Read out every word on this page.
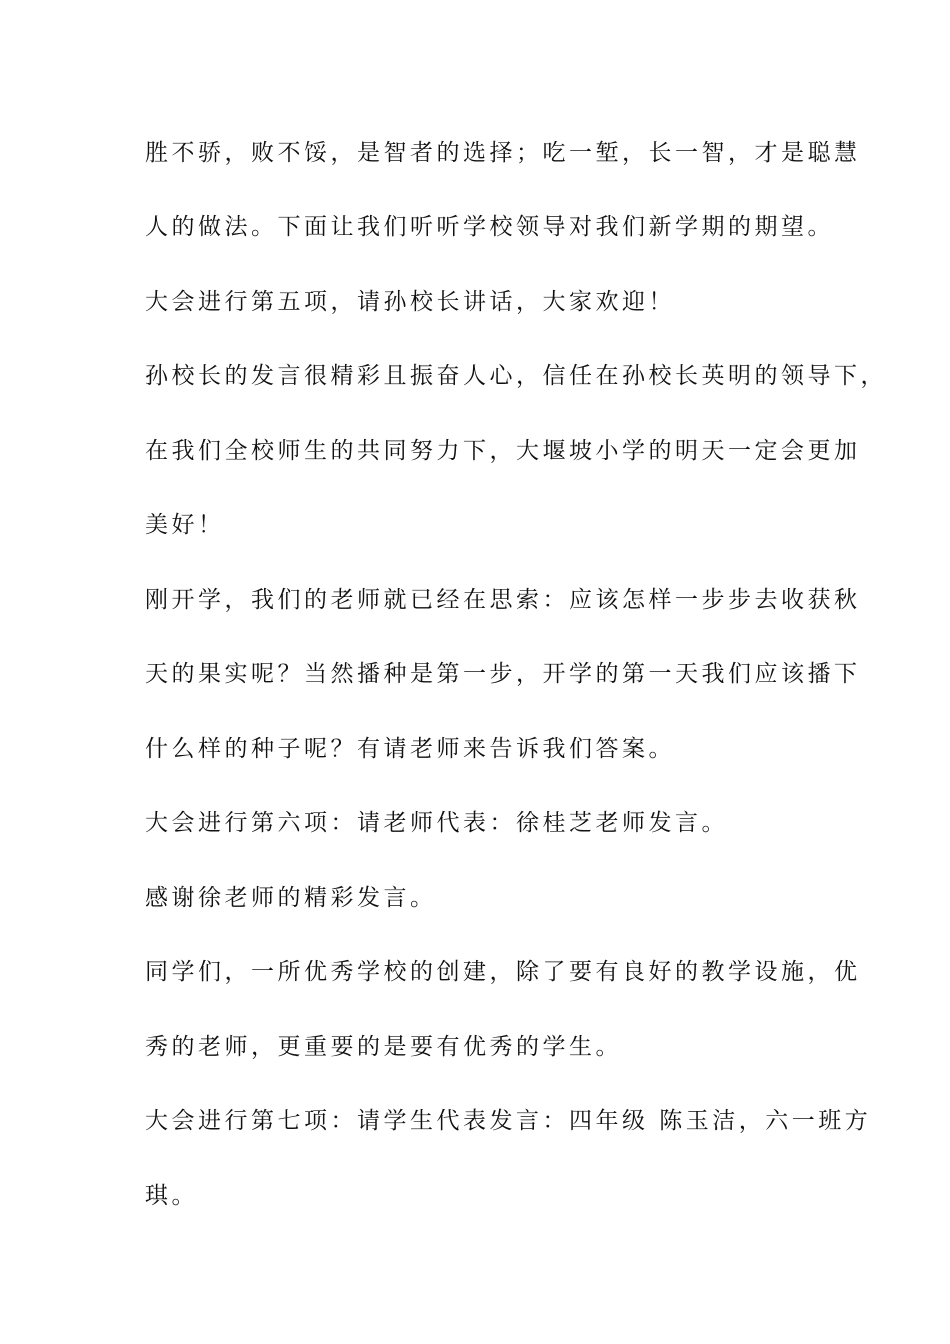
胜不骄，败不馁，是智者的选择；吃一堑，长一智，才是聪慧
人的做法。下面让我们听听学校领导对我们新学期的期望。
大会进行第五项，请孙校长讲话，大家欢迎！
孙校长的发言很精彩且振奋人心，信任在孙校长英明的领导下，
在我们全校师生的共同努力下，大堰坡小学的明天一定会更加
美好！
刚开学，我们的老师就已经在思索：应该怎样一步步去收获秋
天的果实呢？当然播种是第一步，开学的第一天我们应该播下
什么样的种子呢？有请老师来告诉我们答案。
大会进行第六项：请老师代表：徐桂芝老师发言。
感谢徐老师的精彩发言。
同学们，一所优秀学校的创建，除了要有良好的教学设施，优
秀的老师，更重要的是要有优秀的学生。
大会进行第七项：请学生代表发言：四年级 陈玉洁，六一班方
琪。
